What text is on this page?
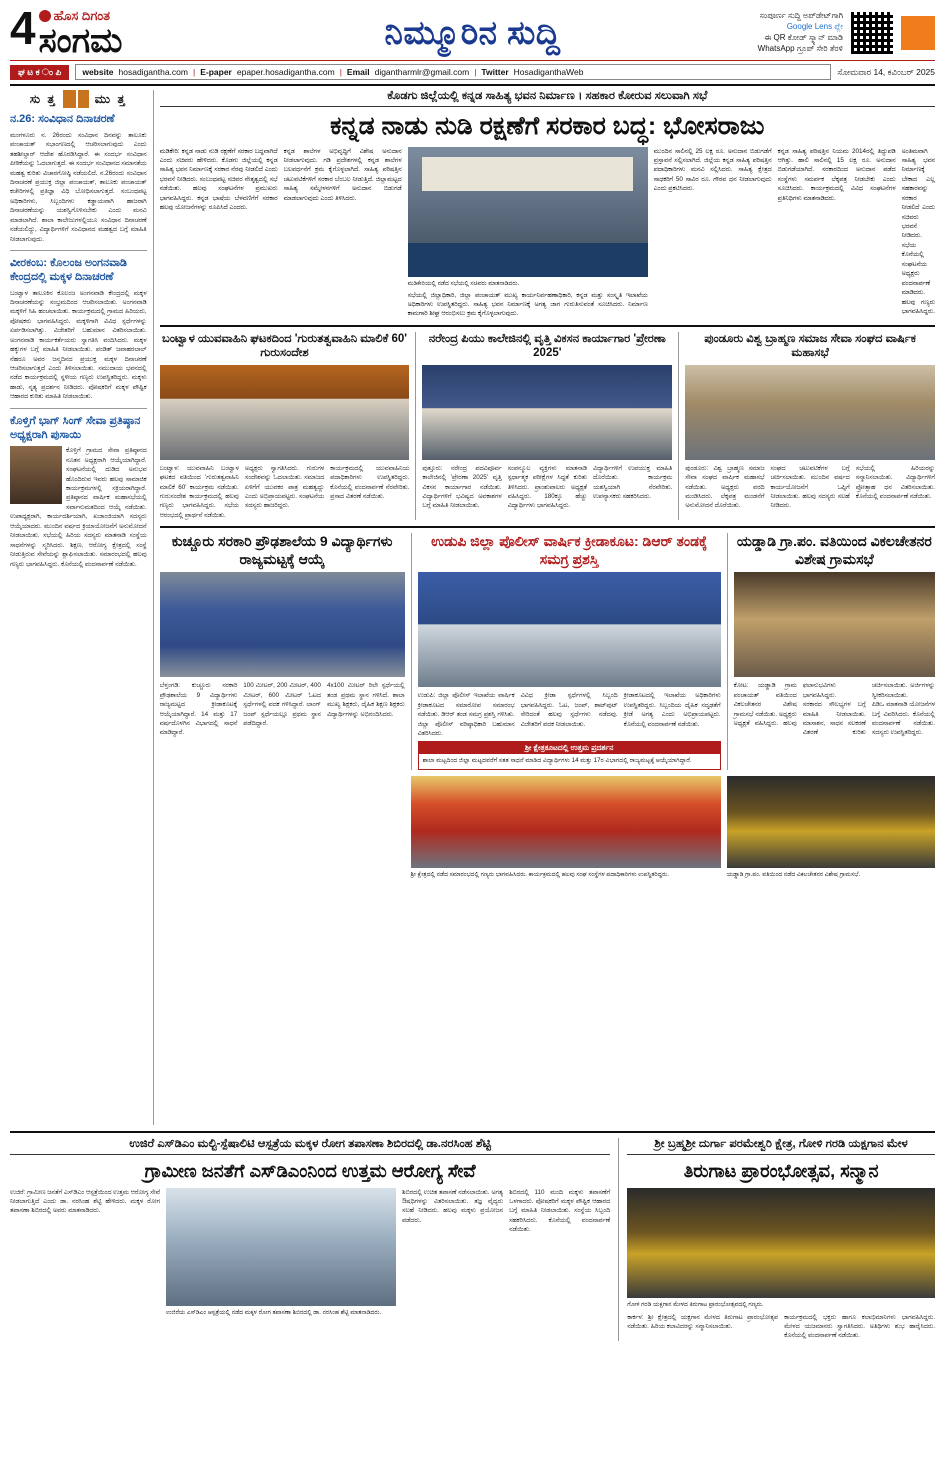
4 ಹೊಸ ದಿಗಂತ
ಸಂಗಮ	ನಿಮ್ಮೂರಿನ ಸುದ್ದಿ	ಸಂಪೂರ್ಣ ಸುದ್ದಿ ಅಪ್‌ಡೇಟ್‌ಗಾಗಿ
Google Lens ಪ್ಲೇ
ಈ QR ಕೋಡ್ ಸ್ಕ್ಯಾನ್ ಮಾಡಿ
WhatsApp ಗ್ರೂಪ್ ಸೇರಿ ತೆರಳಿ
ಘ ಟ ಕ ಂ ಪಿ	website hosadigantha.com | E-paper epaper.hosadigantha.com | Email digantharmlr@gmail.com | Twitter HosadiganthaWeb	ಸೋಮವಾರ 14, ಕವಿಂಬರ್ 2025
ಸು ತ್ತ	ಮು ತ್ತ
ನ.26: ಸಂವಿಧಾನ ದಿನಾಚರಣೆ
ಮಂಗಳೂರು ನ. 26ರಂದು ಸಂವಿಧಾನ ದಿನವನ್ನು ತಾಲೂಕು ಪಂಚಾಯತ್ ಸಭಾಂಗಣದಲ್ಲಿ ಆಚರಿಸಲಾಗುವುದು ಎಂದು ತಹಶೀಲ್ದಾರ್ ಆದೇಶ ಹೊರಡಿಸಿದ್ದಾರೆ. ಈ ಸಂದರ್ಭ ಸಂವಿಧಾನ ಪೀಠಿಕೆಯನ್ನು ಓದಲಾಗುತ್ತದೆ. ಈ ಸಂದರ್ಭ ಸಂವಿಧಾನದ ಸಮಾನತೆಯ ಮಹತ್ವ ಕುರಿತು ವಿಚಾರಗೋಷ್ಠಿ ನಡೆಯಲಿದೆ. ನ.26ರಂದು ಸಂವಿಧಾನ ದಿನಾಚರಣೆ ಪ್ರಯುಕ್ತ ಜಿಲ್ಲಾ ಪಂಚಾಯತ್, ತಾಲೂಕು ಪಂಚಾಯತ್ ಕಚೇರಿಗಳಲ್ಲಿ ಪ್ರತಿಜ್ಞಾ ವಿಧಿ ಬೋಧಿಸಲಾಗುತ್ತದೆ. ಸಂಬಂಧಪಟ್ಟ ಅಧಿಕಾರಿಗಳು, ಸಿಬ್ಬಂದಿಗಳು ಕಡ್ಡಾಯವಾಗಿ ಹಾಜರಾಗಿ ದಿನಾಚರಣೆಯನ್ನು ಯಶಸ್ವಿಗೊಳಿಸಬೇಕು ಎಂದು ಮನವಿ ಮಾಡಲಾಗಿದೆ. ಶಾಲಾ ಕಾಲೇಜುಗಳಲ್ಲಿಯೂ ಸಂವಿಧಾನ ದಿನಾಚರಣೆ ನಡೆಯಲಿದ್ದು, ವಿದ್ಯಾರ್ಥಿಗಳಿಗೆ ಸಂವಿಧಾನದ ಮಹತ್ವದ ಬಗ್ಗೆ ಮಾಹಿತಿ ನೀಡಲಾಗುವುದು.
ವೀರಕಂಬ: ಕೊಲಂಜ ಅಂಗನವಾಡಿ ಕೇಂದ್ರದಲ್ಲಿ ಮಕ್ಕಳ ದಿನಾಚರಣೆ
ಬಂಟ್ವಾಳ ತಾಲೂಕಿನ ಕೊಲಂಜ ಅಂಗನವಾಡಿ ಕೇಂದ್ರದಲ್ಲಿ ಮಕ್ಕಳ ದಿನಾಚರಣೆಯನ್ನು ಸಂಭ್ರಮದಿಂದ ಆಚರಿಸಲಾಯಿತು. ಅಂಗನವಾಡಿ ಮಕ್ಕಳಿಗೆ ಸಿಹಿ ಹಂಚಲಾಯಿತು. ಕಾರ್ಯಕ್ರಮದಲ್ಲಿ ಗ್ರಾಮದ ಹಿರಿಯರು, ಪೋಷಕರು ಭಾಗವಹಿಸಿದ್ದರು. ಮಕ್ಕಳಿಗಾಗಿ ವಿವಿಧ ಸ್ಪರ್ಧೆಗಳನ್ನು ಏರ್ಪಡಿಸಲಾಗಿತ್ತು. ವಿಜೇತರಿಗೆ ಬಹುಮಾನ ವಿತರಿಸಲಾಯಿತು. ಅಂಗನವಾಡಿ ಕಾರ್ಯಕರ್ತೆಯರು ಸ್ವಾಗತಿಸಿ ವಂದಿಸಿದರು. ಮಕ್ಕಳ ಹಕ್ಕುಗಳ ಬಗ್ಗೆ ಮಾಹಿತಿ ನೀಡಲಾಯಿತು. ಪಂಡಿತ್ ಜವಾಹರಲಾಲ್ ನೆಹರೂ ಅವರ ಜನ್ಮದಿನದ ಪ್ರಯುಕ್ತ ಮಕ್ಕಳ ದಿನಾಚರಣೆ ಆಚರಿಸಲಾಗುತ್ತದೆ ಎಂದು ತಿಳಿಸಲಾಯಿತು. ಸಮುದಾಯ ಭವನದಲ್ಲಿ ನಡೆದ ಕಾರ್ಯಕ್ರಮದಲ್ಲಿ ಸ್ಥಳೀಯ ಗಣ್ಯರು ಉಪಸ್ಥಿತರಿದ್ದರು. ಮಕ್ಕಳು ಹಾಡು, ನೃತ್ಯ ಪ್ರದರ್ಶನ ನೀಡಿದರು. ಪೋಷಕರಿಗೆ ಮಕ್ಕಳ ಪೌಷ್ಟಿಕ ಆಹಾರದ ಕುರಿತು ಮಾಹಿತಿ ನೀಡಲಾಯಿತು.
ಕೊಳ್ತಿಗೆ ಭಾಗ್ ಸಿಂಗ್ ಸೇವಾ ಪ್ರತಿಷ್ಠಾನ ಅಧ್ಯಕ್ಷರಾಗಿ ಪುಸಾಯಿ
ಕೊಳ್ತಿಗೆ ಗ್ರಾಮದ ಸೇವಾ ಪ್ರತಿಷ್ಠಾನದ ನೂತನ ಅಧ್ಯಕ್ಷರಾಗಿ ಆಯ್ಕೆಯಾಗಿದ್ದಾರೆ. ಸಂಘಟನೆಯಲ್ಲಿ ದುಡಿದ ಅನುಭವ ಹೊಂದಿರುವ ಇವರು ಹಲವು ಸಾಮಾಜಿಕ ಕಾರ್ಯಕ್ರಮಗಳಲ್ಲಿ ಸಕ್ರಿಯರಾಗಿದ್ದಾರೆ. ಪ್ರತಿಷ್ಠಾನದ ವಾರ್ಷಿಕ ಮಹಾಸಭೆಯಲ್ಲಿ ಸರ್ವಾನುಮತದಿಂದ ಆಯ್ಕೆ ನಡೆಯಿತು. ಉಪಾಧ್ಯಕ್ಷರಾಗಿ, ಕಾರ್ಯದರ್ಶಿಯಾಗಿ, ಖಜಾಂಜಿಯಾಗಿ ಸದಸ್ಯರು ಆಯ್ಕೆಯಾದರು. ಮುಂದಿನ ವರ್ಷದ ಕ್ರಿಯಾಯೋಜನೆಗೆ ಅನುಮೋದನೆ ನೀಡಲಾಯಿತು. ಸಭೆಯಲ್ಲಿ ಹಿರಿಯ ಸದಸ್ಯರು ಮಾತನಾಡಿ ಸಂಸ್ಥೆಯ ಸಾಧನೆಗಳನ್ನು ಸ್ಮರಿಸಿದರು. ಶಿಕ್ಷಣ, ಆರೋಗ್ಯ ಕ್ಷೇತ್ರದಲ್ಲಿ ಸಂಸ್ಥೆ ನೀಡುತ್ತಿರುವ ಸೇವೆಯನ್ನು ಶ್ಲಾಘಿಸಲಾಯಿತು. ಸಮಾರಂಭದಲ್ಲಿ ಹಲವು ಗಣ್ಯರು ಭಾಗವಹಿಸಿದ್ದರು. ಕೊನೆಯಲ್ಲಿ ವಂದನಾರ್ಪಣೆ ನಡೆಯಿತು.
ಕೊಡಗು ಜಿಲ್ಲೆಯಲ್ಲಿ ಕನ್ನಡ ಸಾಹಿತ್ಯ ಭವನ ನಿರ್ಮಾಣ । ಸಹಕಾರ ಕೋರುವ ಸಲುವಾಗಿ ಸಭೆ
ಕನ್ನಡ ನಾಡು ನುಡಿ ರಕ್ಷಣೆಗೆ ಸರಕಾರ ಬದ್ಧ: ಭೋಸರಾಜು
ಮಡಿಕೇರಿ: ಕನ್ನಡ ನಾಡು ನುಡಿ ರಕ್ಷಣೆಗೆ ಸರಕಾರ ಬದ್ಧವಾಗಿದೆ ಎಂದು ಸಚಿವರು ಹೇಳಿದರು. ಕೊಡಗು ಜಿಲ್ಲೆಯಲ್ಲಿ ಕನ್ನಡ ಸಾಹಿತ್ಯ ಭವನ ನಿರ್ಮಾಣಕ್ಕೆ ಸರಕಾರ ನೆರವು ನೀಡಲಿದೆ ಎಂದು ಭರವಸೆ ನೀಡಿದರು. ಸಂಬಂಧಪಟ್ಟ ಸಚಿವರ ನೇತೃತ್ವದಲ್ಲಿ ಸಭೆ ನಡೆಯಿತು. ಹಲವು ಸಂಘಟನೆಗಳ ಪ್ರಮುಖರು ಭಾಗವಹಿಸಿದ್ದರು. ಕನ್ನಡ ಭಾಷೆಯ ಬೆಳವಣಿಗೆಗೆ ಸರಕಾರ ಹಲವು ಯೋಜನೆಗಳನ್ನು ರೂಪಿಸಿದೆ ಎಂದರು.
ಕನ್ನಡ ಶಾಲೆಗಳ ಅಭಿವೃದ್ಧಿಗೆ ವಿಶೇಷ ಅನುದಾನ ನೀಡಲಾಗುವುದು. ಗಡಿ ಪ್ರದೇಶಗಳಲ್ಲಿ ಕನ್ನಡ ಶಾಲೆಗಳ ಬಲವರ್ಧನೆಗೆ ಕ್ರಮ ಕೈಗೊಳ್ಳಲಾಗಿದೆ. ಸಾಹಿತ್ಯ ಪರಿಷತ್ತಿನ ಚಟುವಟಿಕೆಗಳಿಗೆ ಸರಕಾರ ಬೆಂಬಲ ನೀಡುತ್ತಿದೆ. ಜಿಲ್ಲಾಮಟ್ಟದ ಸಾಹಿತ್ಯ ಸಮ್ಮೇಳನಗಳಿಗೆ ಅನುದಾನ ಬಿಡುಗಡೆ ಮಾಡಲಾಗುವುದು ಎಂದು ತಿಳಿಸಿದರು.
ಮಡಿಕೇರಿಯಲ್ಲಿ ನಡೆದ ಸಭೆಯಲ್ಲಿ ಸಚಿವರು ಮಾತನಾಡಿದರು.
ಸಭೆಯಲ್ಲಿ ಜಿಲ್ಲಾಧಿಕಾರಿ, ಜಿಲ್ಲಾ ಪಂಚಾಯತ್ ಮುಖ್ಯ ಕಾರ್ಯನಿರ್ವಹಣಾಧಿಕಾರಿ, ಕನ್ನಡ ಮತ್ತು ಸಂಸ್ಕೃತಿ ಇಲಾಖೆಯ ಅಧಿಕಾರಿಗಳು ಉಪಸ್ಥಿತರಿದ್ದರು. ಸಾಹಿತ್ಯ ಭವನ ನಿರ್ಮಾಣಕ್ಕೆ ಅಗತ್ಯ ಜಾಗ ಗುರುತಿಸುವಂತೆ ಸೂಚಿಸಿದರು. ನಿರ್ಮಾಣ ಕಾಮಗಾರಿ ಶೀಘ್ರ ಆರಂಭಿಸಲು ಕ್ರಮ ಕೈಗೊಳ್ಳಲಾಗುವುದು.
ಮುಂದಿನ ಸಾಲಿನಲ್ಲಿ 25 ಲಕ್ಷ ರೂ. ಅನುದಾನ ಬಿಡುಗಡೆಗೆ ಪ್ರಸ್ತಾವನೆ ಸಲ್ಲಿಸಲಾಗಿದೆ. ಜಿಲ್ಲೆಯ ಕನ್ನಡ ಸಾಹಿತ್ಯ ಪರಿಷತ್ತಿನ ಪದಾಧಿಕಾರಿಗಳು ಮನವಿ ಸಲ್ಲಿಸಿದರು. ಸಾಹಿತ್ಯ ಕ್ಷೇತ್ರದ ಸಾಧಕರಿಗೆ 50 ಸಾವಿರ ರೂ. ಗೌರವ ಧನ ನೀಡಲಾಗುವುದು ಎಂದು ಪ್ರಕಟಿಸಿದರು.
ಕನ್ನಡ ಸಾಹಿತ್ಯ ಪರಿಷತ್ತಿನ ನಿಯಮ 2014ರಲ್ಲಿ ತಿದ್ದುಪಡಿ ಆಗಿತ್ತು. ಹಾಲಿ ಸಾಲಿನಲ್ಲಿ 15 ಲಕ್ಷ ರೂ. ಅನುದಾನ ಬಿಡುಗಡೆಯಾಗಿದೆ. ಸರಕಾರದಿಂದ ಅನುದಾನ ಪಡೆದ ಸಂಸ್ಥೆಗಳು ಸಮರ್ಪಕ ಲೆಕ್ಕಪತ್ರ ನೀಡಬೇಕು ಎಂದು ಸೂಚಿಸಿದರು. ಕಾರ್ಯಕ್ರಮದಲ್ಲಿ ವಿವಿಧ ಸಂಘಟನೆಗಳ ಪ್ರತಿನಿಧಿಗಳು ಮಾತನಾಡಿದರು.
ಅಂತಿಮವಾಗಿ ಸಾಹಿತ್ಯ ಭವನ ನಿರ್ಮಾಣಕ್ಕೆ ಬೇಕಾದ ಎಲ್ಲ ಸಹಕಾರವನ್ನು ಸರಕಾರ ನೀಡಲಿದೆ ಎಂದು ಸಚಿವರು ಭರವಸೆ ನೀಡಿದರು. ಸಭೆಯ ಕೊನೆಯಲ್ಲಿ ಸಂಘಟನೆಯ ಅಧ್ಯಕ್ಷರು ವಂದನಾರ್ಪಣೆ ಮಾಡಿದರು. ಹಲವು ಗಣ್ಯರು ಭಾಗವಹಿಸಿದ್ದರು.
ಬಂಟ್ವಾಳ ಯುವವಾಹಿನಿ ಘಟಕದಿಂದ 'ಗುರುತತ್ವವಾಹಿನಿ ಮಾಲಿಕೆ 60' ಗುರುಸಂದೇಶ
ಬಂಟ್ವಾಳ: ಯುವವಾಹಿನಿ ಬಂಟ್ವಾಳ ಘಟಕದ ವತಿಯಿಂದ 'ಗುರುತತ್ವವಾಹಿನಿ ಮಾಲಿಕೆ 60' ಕಾರ್ಯಕ್ರಮ ನಡೆಯಿತು. ಗುರುಸಂದೇಶ ಕಾರ್ಯಕ್ರಮದಲ್ಲಿ ಹಲವು ಗಣ್ಯರು ಭಾಗವಹಿಸಿದ್ದರು. ಸಭೆಯ ಆರಂಭದಲ್ಲಿ ಪ್ರಾರ್ಥನೆ ನಡೆಯಿತು.
ಅಧ್ಯಕ್ಷರು ಸ್ವಾಗತಿಸಿದರು. ಗುರುಗಳ ಸಂದೇಶವನ್ನು ಓದಲಾಯಿತು. ಸಮಾಜದ ಏಳಿಗೆಗೆ ಯುವಕರ ಪಾತ್ರ ಮಹತ್ವದ್ದು ಎಂದು ಅಭಿಪ್ರಾಯಪಟ್ಟರು. ಸಂಘಟನೆಯ ಸದಸ್ಯರು ಹಾಜರಿದ್ದರು.
ಕಾರ್ಯಕ್ರಮದಲ್ಲಿ ಯುವವಾಹಿನಿಯ ಪದಾಧಿಕಾರಿಗಳು ಉಪಸ್ಥಿತರಿದ್ದರು. ಕೊನೆಯಲ್ಲಿ ವಂದನಾರ್ಪಣೆ ನೆರವೇರಿತು. ಪ್ರಸಾದ ವಿತರಣೆ ನಡೆಯಿತು.
ನರೇಂದ್ರ ಪಿಯು ಕಾಲೇಜಿನಲ್ಲಿ ವೃತ್ತಿ ವಿಕಸನ ಕಾರ್ಯಾಗಾರ 'ಪ್ರೇರಣಾ 2025'
ಪುತ್ತೂರು: ನರೇಂದ್ರ ಪದವಿಪೂರ್ವ ಕಾಲೇಜಿನಲ್ಲಿ 'ಪ್ರೇರಣಾ 2025' ವೃತ್ತಿ ವಿಕಸನ ಕಾರ್ಯಾಗಾರ ನಡೆಯಿತು. ವಿದ್ಯಾರ್ಥಿಗಳಿಗೆ ಭವಿಷ್ಯದ ಅವಕಾಶಗಳ ಬಗ್ಗೆ ಮಾಹಿತಿ ನೀಡಲಾಯಿತು.
ಸಂಪನ್ಮೂಲ ವ್ಯಕ್ತಿಗಳು ಮಾತನಾಡಿ ಸ್ಪರ್ಧಾತ್ಮಕ ಪರೀಕ್ಷೆಗಳ ಸಿದ್ಧತೆ ಕುರಿತು ತಿಳಿಸಿದರು. ಪ್ರಾಂಶುಪಾಲರು ಅಧ್ಯಕ್ಷತೆ ವಹಿಸಿದ್ದರು. 180ಕ್ಕೂ ಹೆಚ್ಚು ವಿದ್ಯಾರ್ಥಿಗಳು ಭಾಗವಹಿಸಿದ್ದರು.
ವಿದ್ಯಾರ್ಥಿಗಳಿಗೆ ಉಪಯುಕ್ತ ಮಾಹಿತಿ ದೊರೆಯಿತು. ಕಾರ್ಯಕ್ರಮ ಯಶಸ್ವಿಯಾಗಿ ನೆರವೇರಿತು. ಉಪನ್ಯಾಸಕರು ಸಹಕರಿಸಿದರು.
ಪುಂಡೂರು ವಿಶ್ವ ಬ್ರಾಹ್ಮಣ ಸಮಾಜ ಸೇವಾ ಸಂಘದ ವಾರ್ಷಿಕ ಮಹಾಸಭೆ
ಪುಂಡೂರು: ವಿಶ್ವ ಬ್ರಾಹ್ಮಣ ಸಮಾಜ ಸೇವಾ ಸಂಘದ ವಾರ್ಷಿಕ ಮಹಾಸಭೆ ನಡೆಯಿತು. ಅಧ್ಯಕ್ಷರು ವರದಿ ಮಂಡಿಸಿದರು. ಲೆಕ್ಕಪತ್ರ ಮಂಡನೆಗೆ ಅನುಮೋದನೆ ದೊರೆಯಿತು.
ಸಂಘದ ಚಟುವಟಿಕೆಗಳ ಬಗ್ಗೆ ಚರ್ಚಿಸಲಾಯಿತು. ಮುಂದಿನ ವರ್ಷದ ಕಾರ್ಯಯೋಜನೆಗೆ ಒಪ್ಪಿಗೆ ನೀಡಲಾಯಿತು. ಹಲವು ಸದಸ್ಯರು ಸಲಹೆ ನೀಡಿದರು.
ಸಭೆಯಲ್ಲಿ ಹಿರಿಯರನ್ನು ಸನ್ಮಾನಿಸಲಾಯಿತು. ವಿದ್ಯಾರ್ಥಿಗಳಿಗೆ ಪ್ರೋತ್ಸಾಹ ಧನ ವಿತರಿಸಲಾಯಿತು. ಕೊನೆಯಲ್ಲಿ ವಂದನಾರ್ಪಣೆ ನಡೆಯಿತು.
ಕುಚ್ಚೂರು ಸರಕಾರಿ ಪ್ರೌಢಶಾಲೆಯ 9 ವಿದ್ಯಾರ್ಥಿಗಳು ರಾಜ್ಯಮಟ್ಟಕ್ಕೆ ಆಯ್ಕೆ
ಬೆಳ್ತಂಗಡಿ: ಕುಚ್ಚೂರು ಸರಕಾರಿ ಪ್ರೌಢಶಾಲೆಯ 9 ವಿದ್ಯಾರ್ಥಿಗಳು ರಾಜ್ಯಮಟ್ಟದ ಕ್ರೀಡಾಕೂಟಕ್ಕೆ ಆಯ್ಕೆಯಾಗಿದ್ದಾರೆ. 14 ಮತ್ತು 17 ವರ್ಷದೊಳಗಿನ ವಿಭಾಗದಲ್ಲಿ ಸಾಧನೆ ಮಾಡಿದ್ದಾರೆ.
100 ಮೀಟರ್, 200 ಮೀಟರ್, 400 ಮೀಟರ್, 600 ಮೀಟರ್ ಓಟದ ಸ್ಪರ್ಧೆಗಳಲ್ಲಿ ಪದಕ ಗಳಿಸಿದ್ದಾರೆ. ಲಾಂಗ್ ಜಂಪ್ ಸ್ಪರ್ಧೆಯಲ್ಲೂ ಪ್ರಥಮ ಸ್ಥಾನ ಪಡೆದಿದ್ದಾರೆ.
4x100 ಮೀಟರ್ ರಿಲೇ ಸ್ಪರ್ಧೆಯಲ್ಲಿ ತಂಡ ಪ್ರಥಮ ಸ್ಥಾನ ಗಳಿಸಿದೆ. ಶಾಲಾ ಮುಖ್ಯ ಶಿಕ್ಷಕರು, ದೈಹಿಕ ಶಿಕ್ಷಣ ಶಿಕ್ಷಕರು ವಿದ್ಯಾರ್ಥಿಗಳನ್ನು ಅಭಿನಂದಿಸಿದರು.
ಉಡುಪಿ ಜಿಲ್ಲಾ ಪೊಲೀಸ್ ವಾರ್ಷಿಕ ಕ್ರೀಡಾಕೂಟ: ಡಿಆರ್ ತಂಡಕ್ಕೆ ಸಮಗ್ರ ಪ್ರಶಸ್ತಿ
ಉಡುಪಿ: ಜಿಲ್ಲಾ ಪೊಲೀಸ್ ಇಲಾಖೆಯ ವಾರ್ಷಿಕ ಕ್ರೀಡಾಕೂಟದ ಸಮಾರೋಪ ಸಮಾರಂಭ ನಡೆಯಿತು. ಡಿಆರ್ ತಂಡ ಸಮಗ್ರ ಪ್ರಶಸ್ತಿ ಗಳಿಸಿತು. ಜಿಲ್ಲಾ ಪೊಲೀಸ್ ವರಿಷ್ಠಾಧಿಕಾರಿ ಬಹುಮಾನ ವಿತರಿಸಿದರು.
ವಿವಿಧ ಕ್ರೀಡಾ ಸ್ಪರ್ಧೆಗಳಲ್ಲಿ ಸಿಬ್ಬಂದಿ ಭಾಗವಹಿಸಿದ್ದರು. ಓಟ, ಜಂಪ್, ಶಾಟ್‌ಪುಟ್ ಸೇರಿದಂತೆ ಹಲವು ಸ್ಪರ್ಧೆಗಳು ನಡೆದವು. ವಿಜೇತರಿಗೆ ಪದಕ ನೀಡಲಾಯಿತು.
ಕ್ರೀಡಾಕೂಟದಲ್ಲಿ ಇಲಾಖೆಯ ಅಧಿಕಾರಿಗಳು ಉಪಸ್ಥಿತರಿದ್ದರು. ಸಿಬ್ಬಂದಿಯ ದೈಹಿಕ ಸದೃಢತೆಗೆ ಕ್ರೀಡೆ ಅಗತ್ಯ ಎಂದು ಅಭಿಪ್ರಾಯಪಟ್ಟರು. ಕೊನೆಯಲ್ಲಿ ವಂದನಾರ್ಪಣೆ ನಡೆಯಿತು.
ಶ್ರೀ ಕ್ಷೇತ್ರಕೂಟದಲ್ಲಿ ಉತ್ತಮ ಪ್ರದರ್ಶನ
ಶಾಲಾ ಮಟ್ಟದಿಂದ ಜಿಲ್ಲಾ ಮಟ್ಟದವರೆಗೆ ಸತತ ಸಾಧನೆ ಮಾಡಿದ ವಿದ್ಯಾರ್ಥಿಗಳು 14 ಮತ್ತು 17ರ ವಿಭಾಗದಲ್ಲಿ ರಾಜ್ಯಮಟ್ಟಕ್ಕೆ ಆಯ್ಕೆಯಾಗಿದ್ದಾರೆ.
ಯಡ್ಡಾಡಿ ಗ್ರಾ.ಪಂ. ವತಿಯಿಂದ ವಿಕಲಚೇತನರ ವಿಶೇಷ ಗ್ರಾಮಸಭೆ
ಕೋಟ: ಯಡ್ಡಾಡಿ ಗ್ರಾಮ ಪಂಚಾಯತ್ ವತಿಯಿಂದ ವಿಕಲಚೇತನರ ವಿಶೇಷ ಗ್ರಾಮಸಭೆ ನಡೆಯಿತು. ಅಧ್ಯಕ್ಷರು ಅಧ್ಯಕ್ಷತೆ ವಹಿಸಿದ್ದರು. ಹಲವು ಫಲಾನುಭವಿಗಳು ಭಾಗವಹಿಸಿದ್ದರು.
ಸರಕಾರದ ಸೌಲಭ್ಯಗಳ ಬಗ್ಗೆ ಮಾಹಿತಿ ನೀಡಲಾಯಿತು. ಮಾಸಾಶನ, ಸಾಧನ ಸಲಕರಣೆ ವಿತರಣೆ ಕುರಿತು ಚರ್ಚಿಸಲಾಯಿತು. ಅರ್ಜಿಗಳನ್ನು ಸ್ವೀಕರಿಸಲಾಯಿತು.
ಪಿಡಿಒ ಮಾತನಾಡಿ ಯೋಜನೆಗಳ ಬಗ್ಗೆ ವಿವರಿಸಿದರು. ಕೊನೆಯಲ್ಲಿ ವಂದನಾರ್ಪಣೆ ನಡೆಯಿತು. ಸದಸ್ಯರು ಉಪಸ್ಥಿತರಿದ್ದರು.
ಶ್ರೀ ಕ್ಷೇತ್ರದಲ್ಲಿ ನಡೆದ ಸಮಾರಂಭದಲ್ಲಿ ಗಣ್ಯರು ಭಾಗವಹಿಸಿದರು. ಕಾರ್ಯಕ್ರಮದಲ್ಲಿ ಹಲವು ಸಂಘ ಸಂಸ್ಥೆಗಳ ಪದಾಧಿಕಾರಿಗಳು ಉಪಸ್ಥಿತರಿದ್ದರು.	ಯಡ್ಡಾಡಿ ಗ್ರಾ.ಪಂ. ವತಿಯಿಂದ ನಡೆದ ವಿಕಲಚೇತನರ ವಿಶೇಷ ಗ್ರಾಮಸಭೆ.
ಉಜಿರೆ ಎಸ್‌ಡಿಎಂ ಮಲ್ಟಿ-ಸ್ಪೆಷಾಲಿಟಿ ಆಸ್ಪತ್ರೆಯ ಮಕ್ಕಳ ರೋಗ ತಪಾಸಣಾ ಶಿಬಿರದಲ್ಲಿ ಡಾ.ನರಸಿಂಹ ಶೆಟ್ಟಿ
ಗ್ರಾಮೀಣ ಜನತೆಗೆ ಎಸ್‌ಡಿಎಂನಿಂದ ಉತ್ತಮ ಆರೋಗ್ಯ ಸೇವೆ
ಉಜಿರೆ: ಗ್ರಾಮೀಣ ಜನತೆಗೆ ಎಸ್‌ಡಿಎಂ ಆಸ್ಪತ್ರೆಯಿಂದ ಉತ್ತಮ ಆರೋಗ್ಯ ಸೇವೆ ನೀಡಲಾಗುತ್ತಿದೆ ಎಂದು ಡಾ. ನರಸಿಂಹ ಶೆಟ್ಟಿ ಹೇಳಿದರು. ಮಕ್ಕಳ ರೋಗ ತಪಾಸಣಾ ಶಿಬಿರದಲ್ಲಿ ಅವರು ಮಾತನಾಡಿದರು.
ಉಜಿರೆಯ ಎಸ್‌ಡಿಎಂ ಆಸ್ಪತ್ರೆಯಲ್ಲಿ ನಡೆದ ಮಕ್ಕಳ ರೋಗ ತಪಾಸಣಾ ಶಿಬಿರದಲ್ಲಿ ಡಾ. ನರಸಿಂಹ ಶೆಟ್ಟಿ ಮಾತನಾಡಿದರು.
ಶಿಬಿರದಲ್ಲಿ ಉಚಿತ ತಪಾಸಣೆ ನಡೆಸಲಾಯಿತು. ಅಗತ್ಯ ಔಷಧಿಗಳನ್ನು ವಿತರಿಸಲಾಯಿತು. ತಜ್ಞ ವೈದ್ಯರು ಸಲಹೆ ನೀಡಿದರು. ಹಲವು ಮಕ್ಕಳು ಪ್ರಯೋಜನ ಪಡೆದರು.
ಶಿಬಿರದಲ್ಲಿ 110 ಮಂದಿ ಮಕ್ಕಳು ತಪಾಸಣೆಗೆ ಒಳಗಾದರು. ಪೋಷಕರಿಗೆ ಮಕ್ಕಳ ಪೌಷ್ಟಿಕ ಆಹಾರದ ಬಗ್ಗೆ ಮಾಹಿತಿ ನೀಡಲಾಯಿತು. ಸಂಸ್ಥೆಯ ಸಿಬ್ಬಂದಿ ಸಹಕರಿಸಿದರು. ಕೊನೆಯಲ್ಲಿ ವಂದನಾರ್ಪಣೆ ನಡೆಯಿತು.
ಶ್ರೀ ಬ್ರಹ್ಮಶ್ರೀ ದುರ್ಗಾ ಪರಮೇಶ್ವರಿ ಕ್ಷೇತ್ರ, ಗೋಳಿ ಗರಡಿ ಯಕ್ಷಗಾನ ಮೇಳ
ತಿರುಗಾಟ ಪ್ರಾರಂಭೋತ್ಸವ, ಸನ್ಮಾನ
ಗೋಳಿ ಗರಡಿ ಯಕ್ಷಗಾನ ಮೇಳದ ತಿರುಗಾಟ ಪ್ರಾರಂಭೋತ್ಸವದಲ್ಲಿ ಗಣ್ಯರು.
ಕಾರ್ಕಳ: ಶ್ರೀ ಕ್ಷೇತ್ರದಲ್ಲಿ ಯಕ್ಷಗಾನ ಮೇಳದ ತಿರುಗಾಟ ಪ್ರಾರಂಭೋತ್ಸವ ನಡೆಯಿತು. ಹಿರಿಯ ಕಲಾವಿದರನ್ನು ಸನ್ಮಾನಿಸಲಾಯಿತು.
ಕಾರ್ಯಕ್ರಮದಲ್ಲಿ ಭಕ್ತರು ಹಾಗೂ ಕಲಾಭಿಮಾನಿಗಳು ಭಾಗವಹಿಸಿದ್ದರು. ಮೇಳದ ಯಜಮಾನರು ಸ್ವಾಗತಿಸಿದರು. ಅತಿಥಿಗಳು ಶುಭ ಹಾರೈಸಿದರು. ಕೊನೆಯಲ್ಲಿ ವಂದನಾರ್ಪಣೆ ನಡೆಯಿತು.
